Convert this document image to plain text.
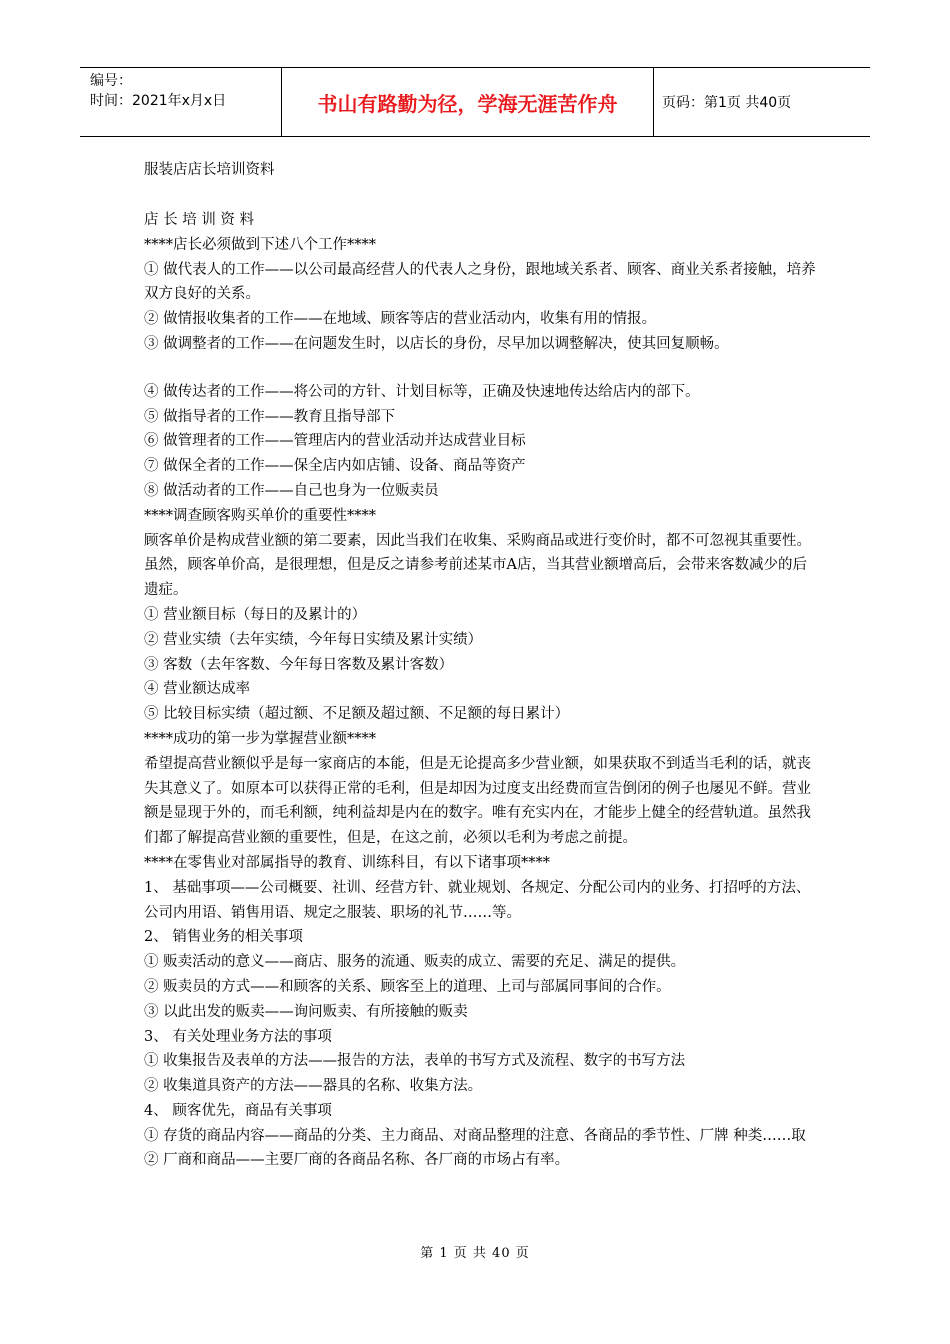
编号：
时间：2021年x月x日	书山有路勤为径，学海无涯苦作舟	页码：第1页 共40页

服装店店长培训资料

店 长 培 训 资 料

****店长必须做到下述八个工作****

① 做代表人的工作——以公司最高经营人的代表人之身份，跟地域关系者、顾客、商业关系者接触，培养双方良好的关系。

② 做情报收集者的工作——在地域、顾客等店的营业活动内，收集有用的情报。

③ 做调整者的工作——在问题发生时，以店长的身份，尽早加以调整解决，使其回复顺畅。

④ 做传达者的工作——将公司的方针、计划目标等，正确及快速地传达给店内的部下。

⑤ 做指导者的工作——教育且指导部下

⑥ 做管理者的工作——管理店内的营业活动并达成营业目标

⑦ 做保全者的工作——保全店内如店铺、设备、商品等资产

⑧ 做活动者的工作——自己也身为一位贩卖员

****调查顾客购买单价的重要性****

顾客单价是构成营业额的第二要素，因此当我们在收集、采购商品或进行变价时，都不可忽视其重要性。虽然，顾客单价高，是很理想，但是反之请参考前述某市A店，当其营业额增高后，会带来客数减少的后遗症。

① 营业额目标（每日的及累计的）

② 营业实绩（去年实绩，今年每日实绩及累计实绩）

③ 客数（去年客数、今年每日客数及累计客数）

④ 营业额达成率

⑤ 比较目标实绩（超过额、不足额及超过额、不足额的每日累计）

****成功的第一步为掌握营业额****

希望提高营业额似乎是每一家商店的本能，但是无论提高多少营业额，如果获取不到适当毛利的话，就丧失其意义了。如原本可以获得正常的毛利，但是却因为过度支出经费而宣告倒闭的例子也屡见不鲜。营业额是显现于外的，而毛利额，纯利益却是内在的数字。唯有充实内在，才能步上健全的经营轨道。虽然我们都了解提高营业额的重要性，但是，在这之前，必须以毛利为考虑之前提。

****在零售业对部属指导的教育、训练科目，有以下诸事项****

1、 基础事项——公司概要、社训、经营方针、就业规划、各规定、分配公司内的业务、打招呼的方法、公司内用语、销售用语、规定之服装、职场的礼节……等。

2、 销售业务的相关事项

① 贩卖活动的意义——商店、服务的流通、贩卖的成立、需要的充足、满足的提供。

② 贩卖员的方式——和顾客的关系、顾客至上的道理、上司与部属同事间的合作。

③ 以此出发的贩卖——询问贩卖、有所接触的贩卖

3、 有关处理业务方法的事项

① 收集报告及表单的方法——报告的方法，表单的书写方式及流程、数字的书写方法

② 收集道具资产的方法——器具的名称、收集方法。

4、 顾客优先，商品有关事项

① 存货的商品内容——商品的分类、主力商品、对商品整理的注意、各商品的季节性、厂牌 种类……取

② 厂商和商品——主要厂商的各商品名称、各厂商的市场占有率。

第 1 页 共 40 页
